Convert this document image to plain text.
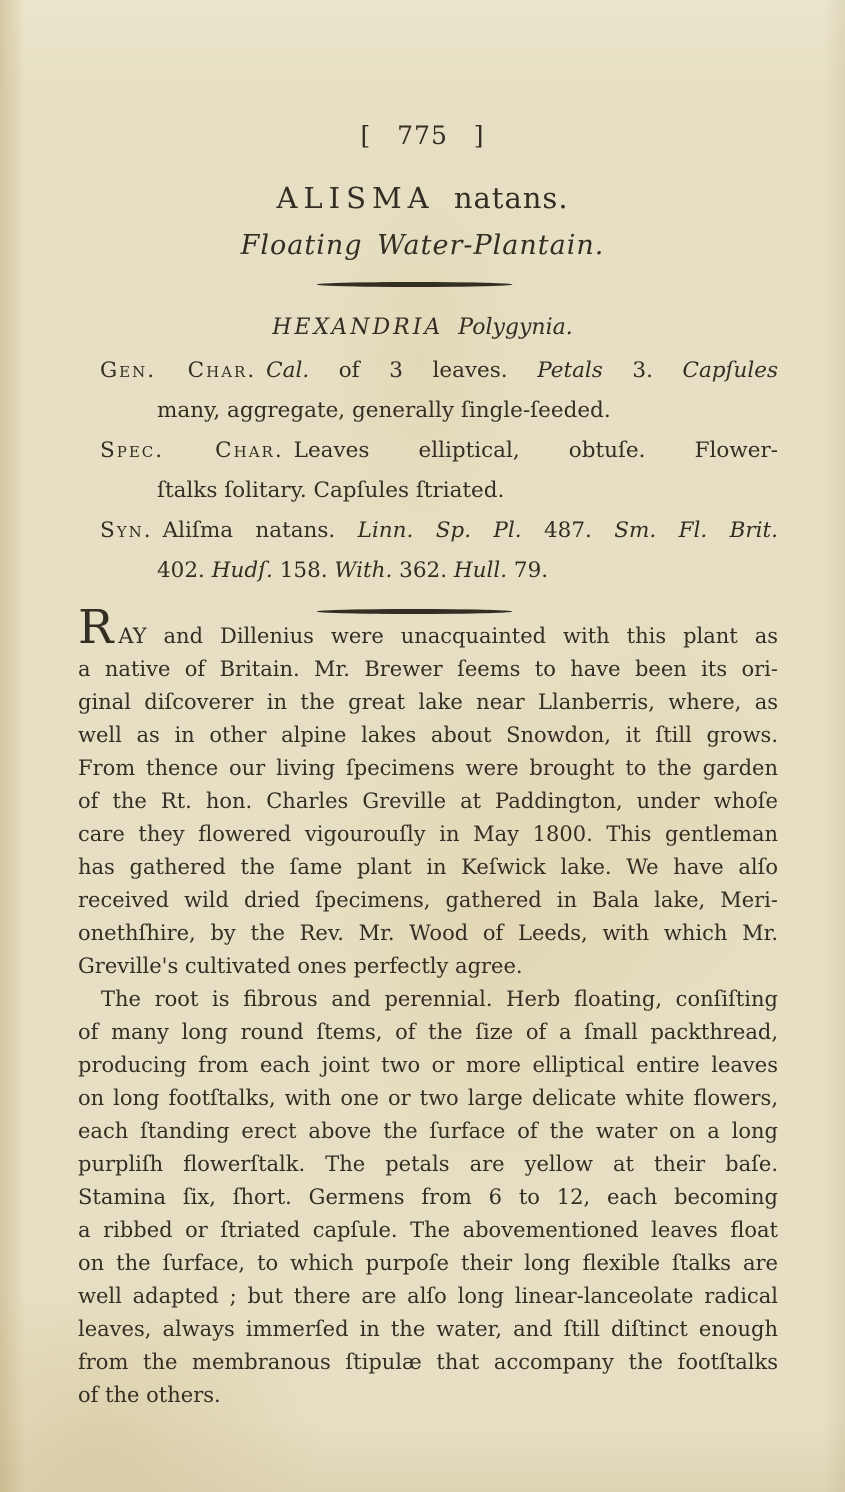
[ 775 ]
ALISMA natans.
Floating Water-Plantain.
HEXANDRIA Polygynia.
Gen. Char. Cal. of 3 leaves. Petals 3. Capſules
many, aggregate, generally ſingle-ſeeded.
Spec. Char. Leaves elliptical, obtuſe. Flower-
ſtalks ſolitary. Capſules ſtriated.
Syn. Aliſma natans. Linn. Sp. Pl. 487. Sm. Fl. Brit.
402. Hudſ. 158. With. 362. Hull. 79.
RAY and Dillenius were unacquainted with this plant as
a native of Britain. Mr. Brewer ſeems to have been its ori-
ginal diſcoverer in the great lake near Llanberris, where, as
well as in other alpine lakes about Snowdon, it ſtill grows.
From thence our living ſpecimens were brought to the garden
of the Rt. hon. Charles Greville at Paddington, under whoſe
care they flowered vigourouſly in May 1800. This gentleman
has gathered the ſame plant in Keſwick lake. We have alſo
received wild dried ſpecimens, gathered in Bala lake, Meri-
onethſhire, by the Rev. Mr. Wood of Leeds, with which Mr.
Greville's cultivated ones perfectly agree.
The root is fibrous and perennial. Herb floating, conſiſting
of many long round ſtems, of the ſize of a ſmall packthread,
producing from each joint two or more elliptical entire leaves
on long footſtalks, with one or two large delicate white flowers,
each ſtanding erect above the ſurface of the water on a long
purpliſh flowerſtalk. The petals are yellow at their baſe.
Stamina ſix, ſhort. Germens from 6 to 12, each becoming
a ribbed or ſtriated capſule. The abovementioned leaves float
on the ſurface, to which purpoſe their long flexible ſtalks are
well adapted ; but there are alſo long linear-lanceolate radical
leaves, always immerſed in the water, and ſtill diſtinct enough
from the membranous ſtipulæ that accompany the footſtalks
of the others.
